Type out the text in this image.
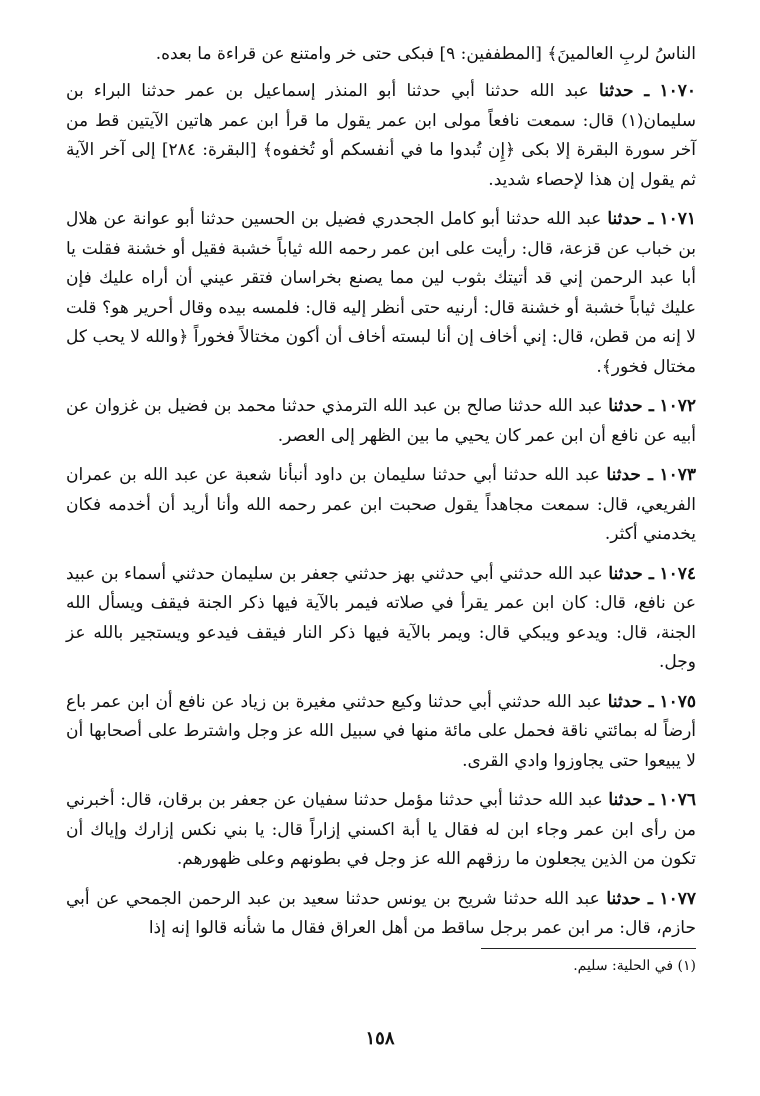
الناسُ لربِ العالمينَ﴾ [المطففين: ٩] فبكى حتى خر وامتنع عن قراءة ما بعده.

١٠٧٠ ـ حدثنا عبد الله حدثنا أبي حدثنا أبو المنذر إسماعيل بن عمر حدثنا البراء بن سليمان(١) قال: سمعت نافعاً مولى ابن عمر يقول ما قرأ ابن عمر هاتين الآيتين قط من آخر سورة البقرة إلا بكى ﴿إِن تُبدوا ما في أنفسكم أو تُخفوه﴾ [البقرة: ٢٨٤] إلى آخر الآية ثم يقول إن هذا لإحصاء شديد.

١٠٧١ ـ حدثنا عبد الله حدثنا أبو كامل الجحدري فضيل بن الحسين حدثنا أبو عوانة عن هلال بن خباب عن قزعة، قال: رأيت على ابن عمر رحمه الله ثياباً خشبة فقيل أو خشنة فقلت يا أبا عبد الرحمن إني قد أتيتك بثوب لين مما يصنع بخراسان فتقر عيني أن أراه عليك فإن عليك ثياباً خشبة أو خشنة قال: أرنيه حتى أنظر إليه قال: فلمسه بيده وقال أحرير هو؟ قلت لا إنه من قطن، قال: إني أخاف إن أنا لبسته أخاف أن أكون مختالاً فخوراً ﴿والله لا يحب كل مختال فخور﴾.

١٠٧٢ ـ حدثنا عبد الله حدثنا صالح بن عبد الله الترمذي حدثنا محمد بن فضيل بن غزوان عن أبيه عن نافع أن ابن عمر كان يحيي ما بين الظهر إلى العصر.

١٠٧٣ ـ حدثنا عبد الله حدثنا أبي حدثنا سليمان بن داود أنبأنا شعبة عن عبد الله بن عمران الفريعي، قال: سمعت مجاهداً يقول صحبت ابن عمر رحمه الله وأنا أريد أن أخدمه فكان يخدمني أكثر.

١٠٧٤ ـ حدثنا عبد الله حدثني أبي حدثني بهز حدثني جعفر بن سليمان حدثني أسماء بن عبيد عن نافع، قال: كان ابن عمر يقرأ في صلاته فيمر بالآية فيها ذكر الجنة فيقف ويسأل الله الجنة، قال: ويدعو ويبكي قال: ويمر بالآية فيها ذكر النار فيقف فيدعو ويستجير بالله عز وجل.

١٠٧٥ ـ حدثنا عبد الله حدثني أبي حدثنا وكيع حدثني مغيرة بن زياد عن نافع أن ابن عمر باع أرضاً له بمائتي ناقة فحمل على مائة منها في سبيل الله عز وجل واشترط على أصحابها أن لا يبيعوا حتى يجاوزوا وادي القرى.

١٠٧٦ ـ حدثنا عبد الله حدثنا أبي حدثنا مؤمل حدثنا سفيان عن جعفر بن برقان، قال: أخبرني من رأى ابن عمر وجاء ابن له فقال يا أبة اكسني إزاراً قال: يا بني نكس إزارك وإياك أن تكون من الذين يجعلون ما رزقهم الله عز وجل في بطونهم وعلى ظهورهم.

١٠٧٧ ـ حدثنا عبد الله حدثنا شريح بن يونس حدثنا سعيد بن عبد الرحمن الجمحي عن أبي حازم، قال: مر ابن عمر برجل ساقط من أهل العراق فقال ما شأنه قالوا إنه إذا

(١) في الحلية: سليم.

١٥٨
